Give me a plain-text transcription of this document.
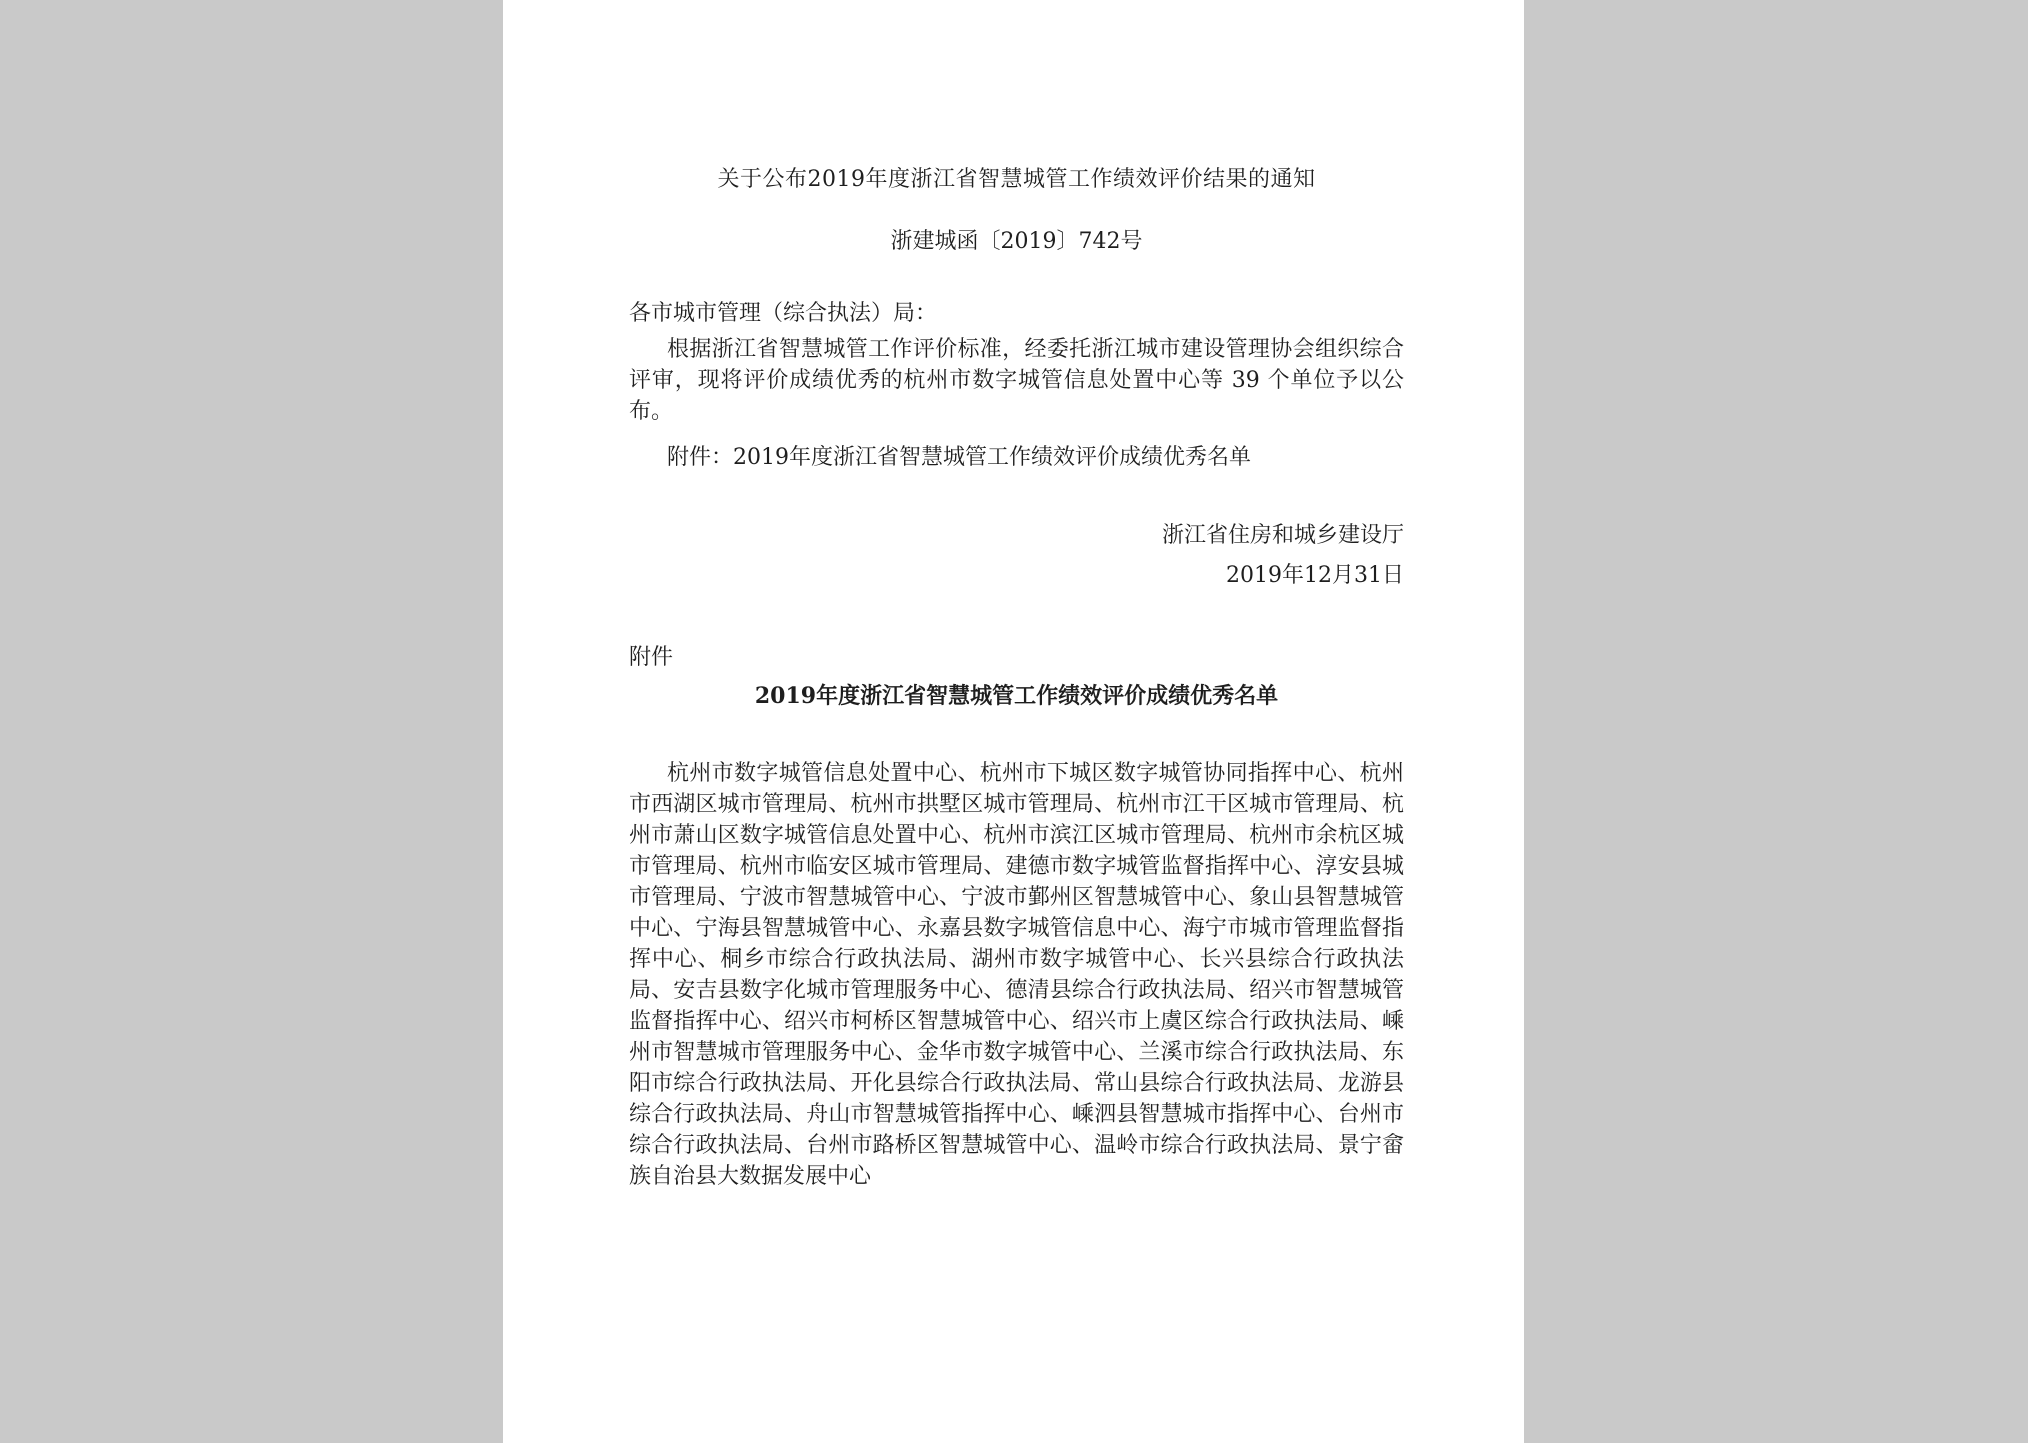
关于公布2019年度浙江省智慧城管工作绩效评价结果的通知
浙建城函〔2019〕742号
各市城市管理（综合执法）局：
根据浙江省智慧城管工作评价标准，经委托浙江城市建设管理协会组织综合评审，现将评价成绩优秀的杭州市数字城管信息处置中心等 39 个单位予以公布。
附件：2019年度浙江省智慧城管工作绩效评价成绩优秀名单
浙江省住房和城乡建设厅
2019年12月31日
附件
2019年度浙江省智慧城管工作绩效评价成绩优秀名单
杭州市数字城管信息处置中心、杭州市下城区数字城管协同指挥中心、杭州市西湖区城市管理局、杭州市拱墅区城市管理局、杭州市江干区城市管理局、杭州市萧山区数字城管信息处置中心、杭州市滨江区城市管理局、杭州市余杭区城市管理局、杭州市临安区城市管理局、建德市数字城管监督指挥中心、淳安县城市管理局、宁波市智慧城管中心、宁波市鄞州区智慧城管中心、象山县智慧城管中心、宁海县智慧城管中心、永嘉县数字城管信息中心、海宁市城市管理监督指挥中心、桐乡市综合行政执法局、湖州市数字城管中心、长兴县综合行政执法局、安吉县数字化城市管理服务中心、德清县综合行政执法局、绍兴市智慧城管监督指挥中心、绍兴市柯桥区智慧城管中心、绍兴市上虞区综合行政执法局、嵊州市智慧城市管理服务中心、金华市数字城管中心、兰溪市综合行政执法局、东阳市综合行政执法局、开化县综合行政执法局、常山县综合行政执法局、龙游县综合行政执法局、舟山市智慧城管指挥中心、嵊泗县智慧城市指挥中心、台州市综合行政执法局、台州市路桥区智慧城管中心、温岭市综合行政执法局、景宁畲族自治县大数据发展中心
